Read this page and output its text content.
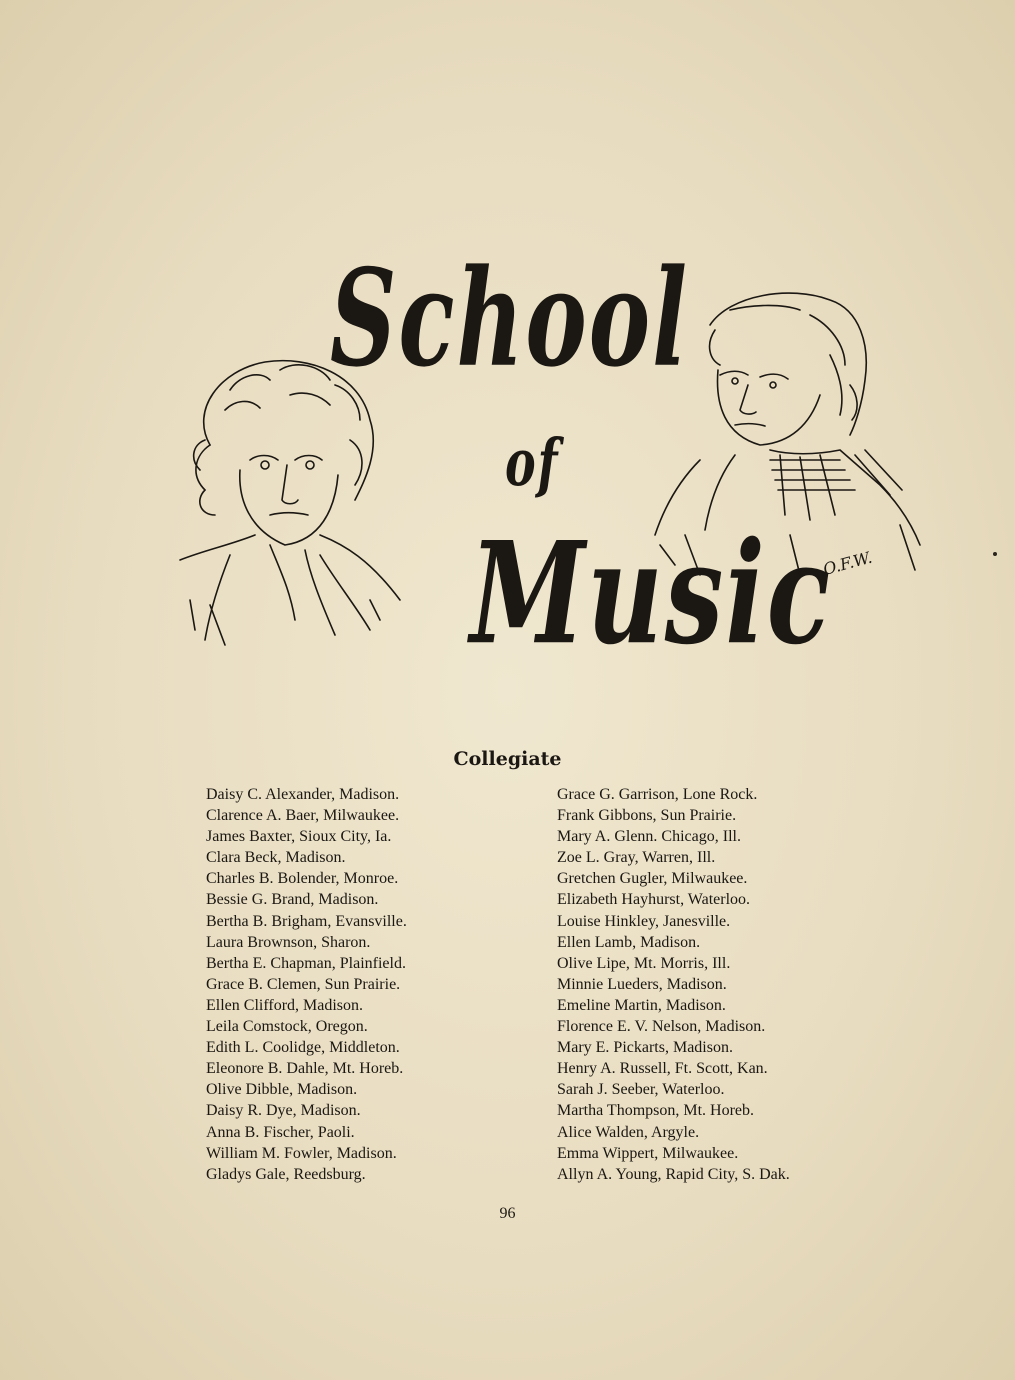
School
of
Music
O.F.W.
Collegiate
Daisy C. Alexander, Madison.
Clarence A. Baer, Milwaukee.
James Baxter, Sioux City, Ia.
Clara Beck, Madison.
Charles B. Bolender, Monroe.
Bessie G. Brand, Madison.
Bertha B. Brigham, Evansville.
Laura Brownson, Sharon.
Bertha E. Chapman, Plainfield.
Grace B. Clemen, Sun Prairie.
Ellen Clifford, Madison.
Leila Comstock, Oregon.
Edith L. Coolidge, Middleton.
Eleonore B. Dahle, Mt. Horeb.
Olive Dibble, Madison.
Daisy R. Dye, Madison.
Anna B. Fischer, Paoli.
William M. Fowler, Madison.
Gladys Gale, Reedsburg.
Grace G. Garrison, Lone Rock.
Frank Gibbons, Sun Prairie.
Mary A. Glenn. Chicago, Ill.
Zoe L. Gray, Warren, Ill.
Gretchen Gugler, Milwaukee.
Elizabeth Hayhurst, Waterloo.
Louise Hinkley, Janesville.
Ellen Lamb, Madison.
Olive Lipe, Mt. Morris, Ill.
Minnie Lueders, Madison.
Emeline Martin, Madison.
Florence E. V. Nelson, Madison.
Mary E. Pickarts, Madison.
Henry A. Russell, Ft. Scott, Kan.
Sarah J. Seeber, Waterloo.
Martha Thompson, Mt. Horeb.
Alice Walden, Argyle.
Emma Wippert, Milwaukee.
Allyn A. Young, Rapid City, S. Dak.
96
